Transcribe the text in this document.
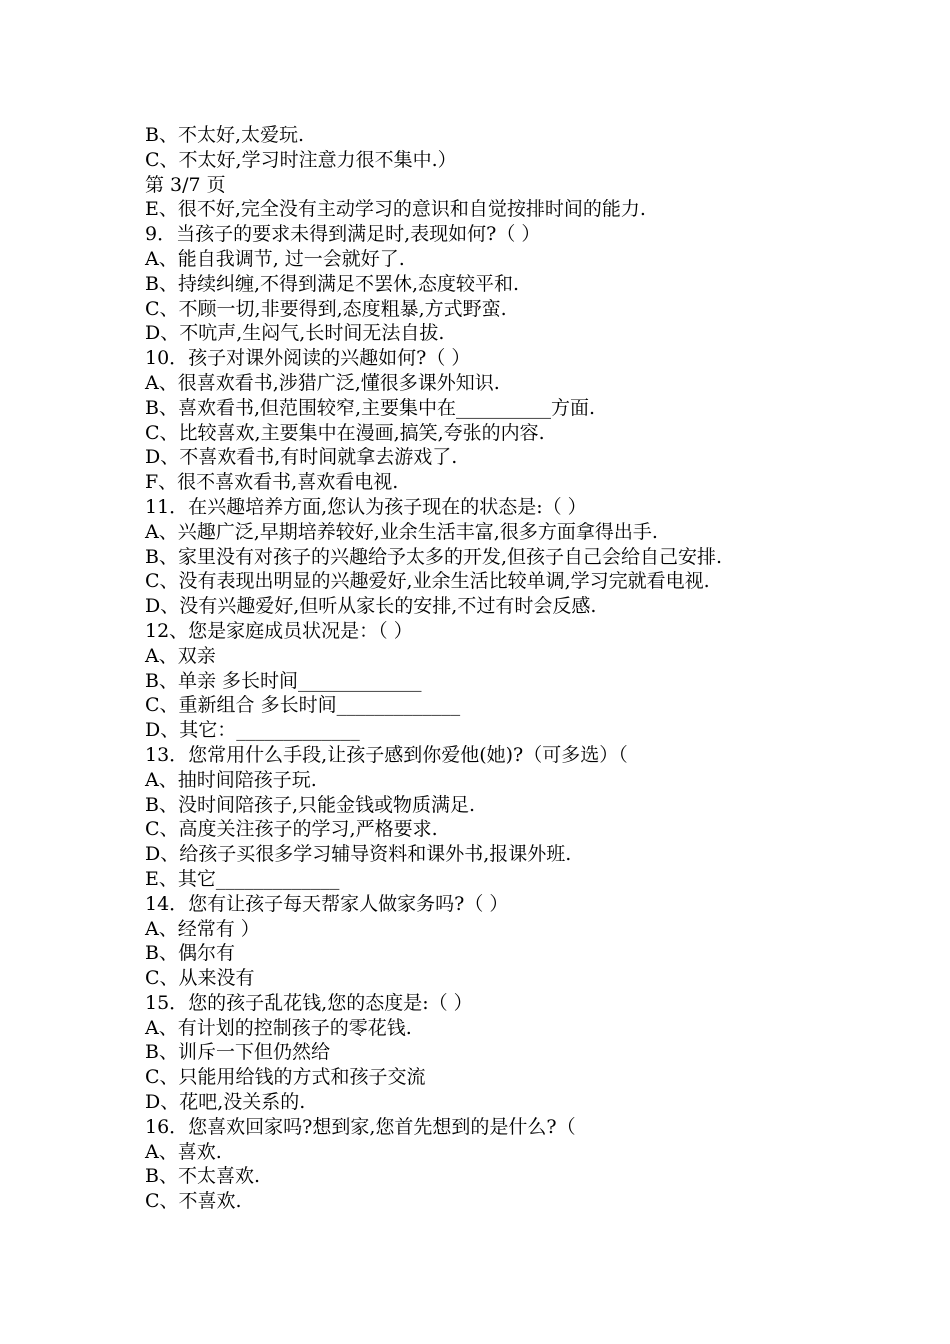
B、不太好,太爱玩.
C、不太好,学习时注意力很不集中.）
第 3/7 页
E、很不好,完全没有主动学习的意识和自觉按排时间的能力.
9．当孩子的要求未得到满足时,表现如何?（ ）
A、能自我调节, 过一会就好了.
B、持续纠缠,不得到满足不罢休,态度较平和.
C、不顾一切,非要得到,态度粗暴,方式野蛮.
D、不吭声,生闷气,长时间无法自拔.
10．孩子对课外阅读的兴趣如何?（ ）
A、很喜欢看书,涉猎广泛,懂很多课外知识.
B、喜欢看书,但范围较窄,主要集中在__________方面.
C、比较喜欢,主要集中在漫画,搞笑,夸张的内容.
D、不喜欢看书,有时间就拿去游戏了.
F、很不喜欢看书,喜欢看电视.
11．在兴趣培养方面,您认为孩子现在的状态是:（ ）
A、兴趣广泛,早期培养较好,业余生活丰富,很多方面拿得出手.
B、家里没有对孩子的兴趣给予太多的开发,但孩子自己会给自己安排.
C、没有表现出明显的兴趣爱好,业余生活比较单调,学习完就看电视.
D、没有兴趣爱好,但听从家长的安排,不过有时会反感.
12、您是家庭成员状况是：（ ）
A、双亲
B、单亲 多长时间_____________
C、重新组合 多长时间_____________
D、其它：_____________
13．您常用什么手段,让孩子感到你爱他(她)?（可多选）（
A、抽时间陪孩子玩.
B、没时间陪孩子,只能金钱或物质满足.
C、高度关注孩子的学习,严格要求.
D、给孩子买很多学习辅导资料和课外书,报课外班.
E、其它_____________
14．您有让孩子每天帮家人做家务吗?（ ）
A、经常有 ）
B、偶尔有
C、从来没有
15．您的孩子乱花钱,您的态度是:（ ）
A、有计划的控制孩子的零花钱.
B、训斥一下但仍然给
C、只能用给钱的方式和孩子交流
D、花吧,没关系的.
16．您喜欢回家吗?想到家,您首先想到的是什么?（
A、喜欢.
B、不太喜欢.
C、不喜欢.
